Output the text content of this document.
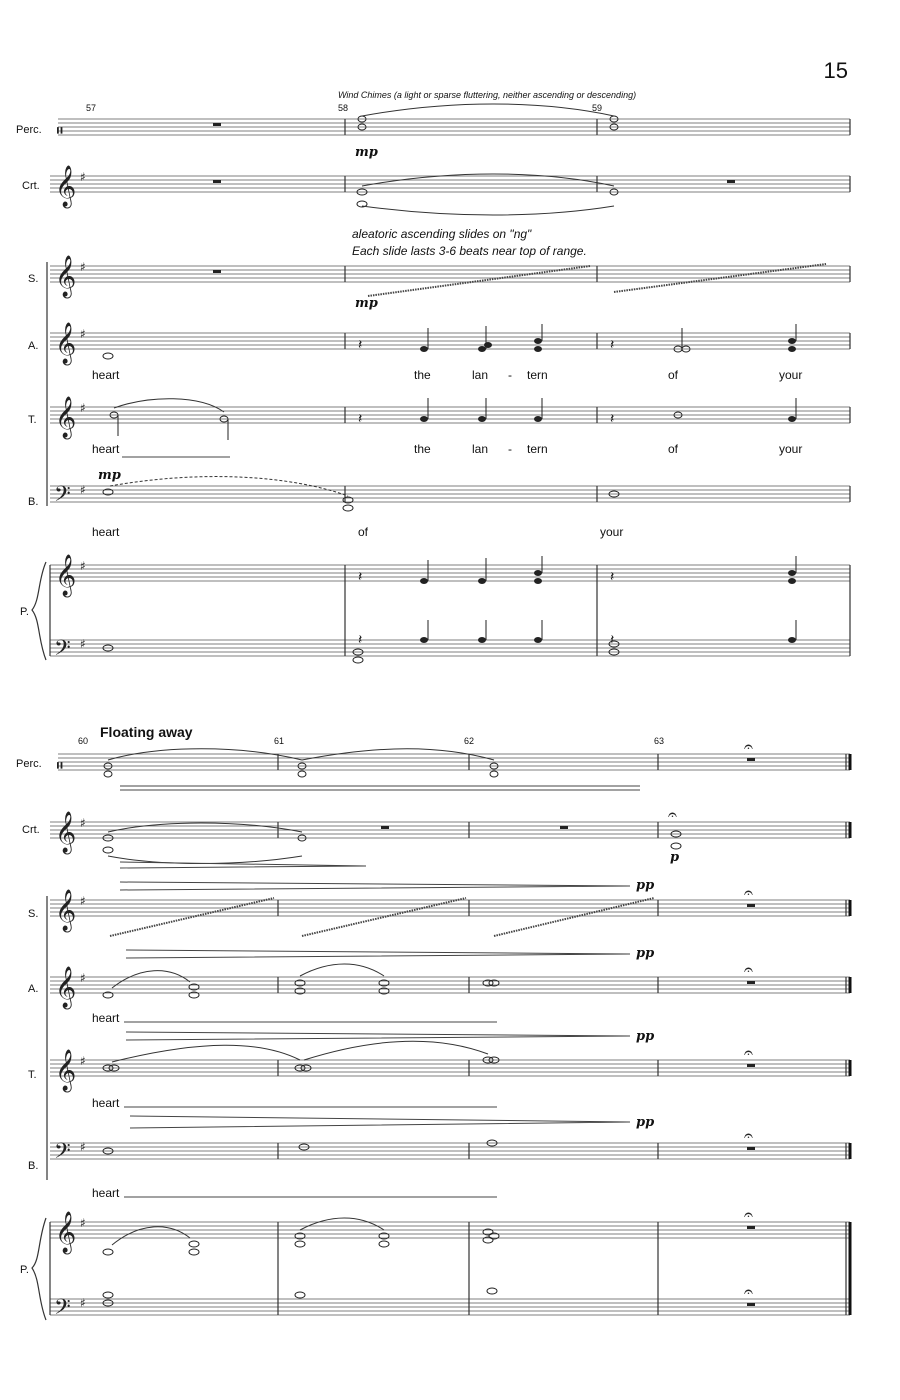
15
𝄥
𝄥
𝄞
𝄞
𝄞
𝄞
𝄞
𝄞
𝄞
𝄞
𝄞
𝄞
𝄢
𝄢
𝄢
𝄢
♯
♯
♯
♯
♯
♯
♯
♯
♯
♯
♯
♯
♯
♯
𝄽	𝄽
𝄽	𝄽
𝄽	𝄽
𝄽	𝄽
𝄐
𝄐
𝄐
𝄐
𝄐
𝄐
𝄐
𝄐
57	58	59
Wind Chimes (a light or sparse fluttering, neither ascending or descending)
Perc.
Crt.
S.
A.
T.
B.
P.
mp
aleatoric ascending slides on "ng"
Each slide lasts 3-6 beats near top of range.
mp
mp
heart	the	lan - tern	of	your
heart	the	lan - tern	of	your
heart	of	your
Floating away
60	61	62	63
Perc.
Crt.
S.
A.
T.
B.
P.
p
pp
pp
pp
pp
heart
heart
heart
